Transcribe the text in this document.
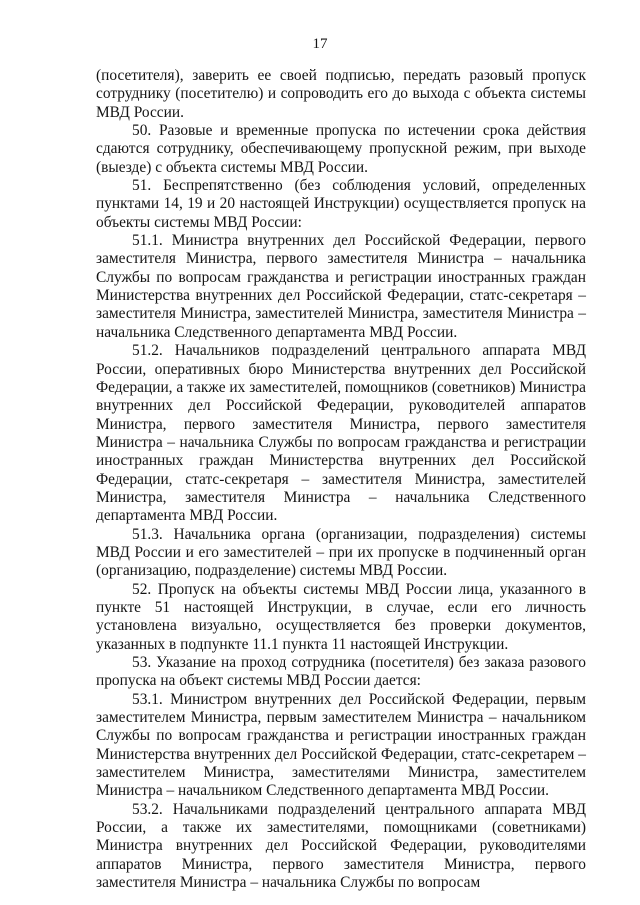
17

(посетителя), заверить ее своей подписью, передать разовый пропуск сотруднику (посетителю) и сопроводить его до выхода с объекта системы МВД России.

50. Разовые и временные пропуска по истечении срока действия сдаются сотруднику, обеспечивающему пропускной режим, при выходе (выезде) с объекта системы МВД России.

51. Беспрепятственно (без соблюдения условий, определенных пунктами 14, 19 и 20 настоящей Инструкции) осуществляется пропуск на объекты системы МВД России:

51.1. Министра внутренних дел Российской Федерации, первого заместителя Министра, первого заместителя Министра – начальника Службы по вопросам гражданства и регистрации иностранных граждан Министерства внутренних дел Российской Федерации, статс-секретаря – заместителя Министра, заместителей Министра, заместителя Министра – начальника Следственного департамента МВД России.

51.2. Начальников подразделений центрального аппарата МВД России, оперативных бюро Министерства внутренних дел Российской Федерации, а также их заместителей, помощников (советников) Министра внутренних дел Российской Федерации, руководителей аппаратов Министра, первого заместителя Министра, первого заместителя Министра – начальника Службы по вопросам гражданства и регистрации иностранных граждан Министерства внутренних дел Российской Федерации, статс-секретаря – заместителя Министра, заместителей Министра, заместителя Министра – начальника Следственного департамента МВД России.

51.3. Начальника органа (организации, подразделения) системы МВД России и его заместителей – при их пропуске в подчиненный орган (организацию, подразделение) системы МВД России.

52. Пропуск на объекты системы МВД России лица, указанного в пункте 51 настоящей Инструкции, в случае, если его личность установлена визуально, осуществляется без проверки документов, указанных в подпункте 11.1 пункта 11 настоящей Инструкции.

53. Указание на проход сотрудника (посетителя) без заказа разового пропуска на объект системы МВД России дается:

53.1. Министром внутренних дел Российской Федерации, первым заместителем Министра, первым заместителем Министра – начальником Службы по вопросам гражданства и регистрации иностранных граждан Министерства внутренних дел Российской Федерации, статс-секретарем – заместителем Министра, заместителями Министра, заместителем Министра – начальником Следственного департамента МВД России.

53.2. Начальниками подразделений центрального аппарата МВД России, а также их заместителями, помощниками (советниками) Министра внутренних дел Российской Федерации, руководителями аппаратов Министра, первого заместителя Министра, первого заместителя Министра – начальника Службы по вопросам
